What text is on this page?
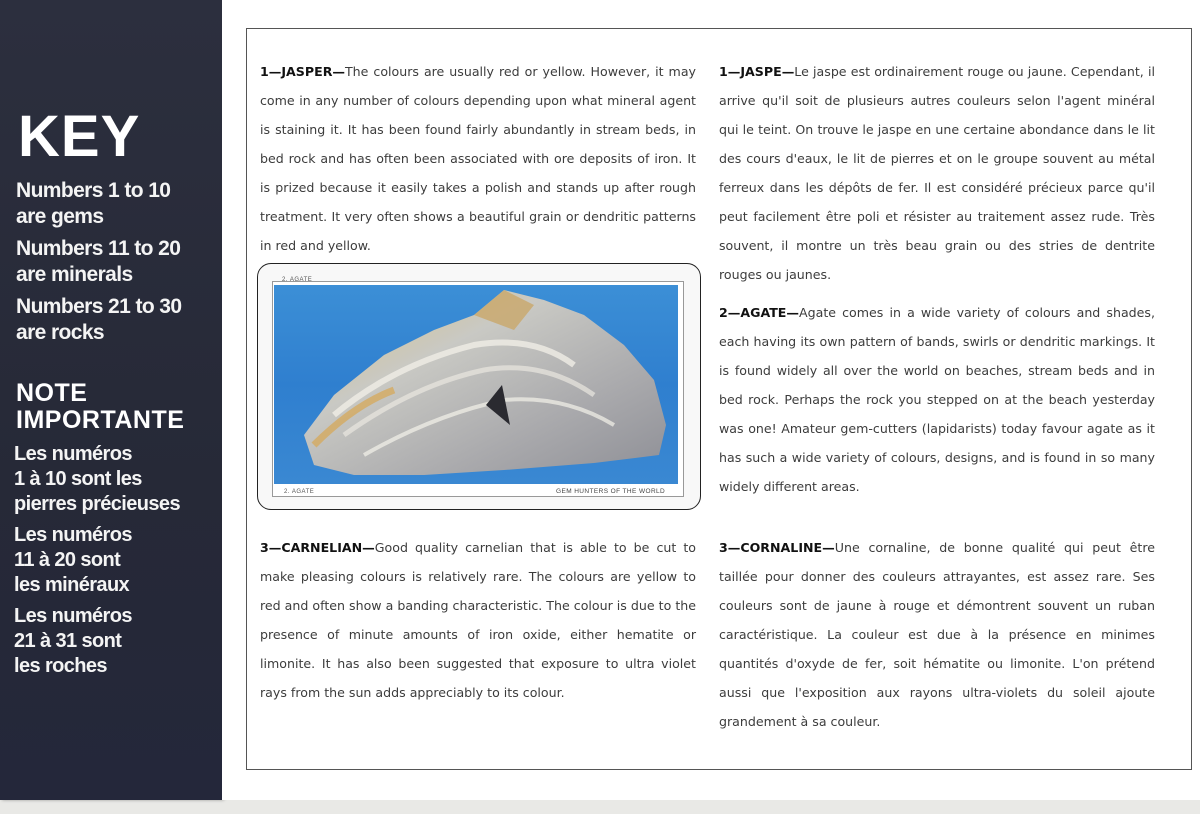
KEY
Numbers 1 to 10
are gems
Numbers 11 to 20
are minerals
Numbers 21 to 30
are rocks
NOTE
IMPORTANTE
Les numéros
1 à 10 sont les
pierres précieuses
Les numéros
11 à 20 sont
les minéraux
Les numéros
21 à 31 sont
les roches
1—JASPER—The colours are usually red or yellow. However, it may come in any number of colours depending upon what mineral agent is staining it. It has been found fairly abundantly in stream beds, in bed rock and has often been associated with ore deposits of iron. It is prized because it easily takes a polish and stands up after rough treatment. It very often shows a beautiful grain or dendritic patterns in red and yellow.
1—JASPE—Le jaspe est ordinairement rouge ou jaune. Cependant, il arrive qu'il soit de plusieurs autres couleurs selon l'agent minéral qui le teint. On trouve le jaspe en une certaine abondance dans le lit des cours d'eaux, le lit de pierres et on le groupe souvent au métal ferreux dans les dépôts de fer. Il est considéré précieux parce qu'il peut facilement être poli et résister au traitement assez rude. Très souvent, il montre un très beau grain ou des stries de dentrite rouges ou jaunes.
2. AGATE
2. AGATE	GEM HUNTERS OF THE WORLD
2—AGATE—Agate comes in a wide variety of colours and shades, each having its own pattern of bands, swirls or dendritic markings. It is found widely all over the world on beaches, stream beds and in bed rock. Perhaps the rock you stepped on at the beach yesterday was one! Amateur gem-cutters (lapidarists) today favour agate as it has such a wide variety of colours, designs, and is found in so many widely different areas.
3—CARNELIAN—Good quality carnelian that is able to be cut to make pleasing colours is relatively rare. The colours are yellow to red and often show a banding characteristic. The colour is due to the presence of minute amounts of iron oxide, either hematite or limonite. It has also been suggested that exposure to ultra violet rays from the sun adds appreciably to its colour.
3—CORNALINE—Une cornaline, de bonne qualité qui peut être taillée pour donner des couleurs attrayantes, est assez rare. Ses couleurs sont de jaune à rouge et démontrent souvent un ruban caractéristique. La couleur est due à la présence en minimes quantités d'oxyde de fer, soit hématite ou limonite. L'on prétend aussi que l'exposition aux rayons ultra-violets du soleil ajoute grandement à sa couleur.
